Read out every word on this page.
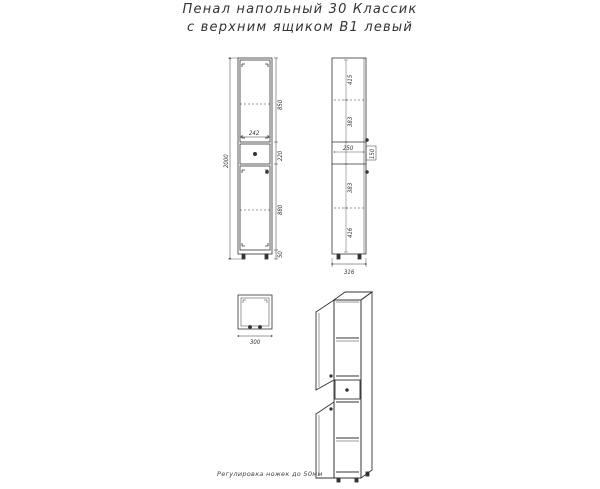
Пенал напольный 30 Классик
с верхним ящиком В1 левый
2000
850
220
880
50
242
415
383
250
150
383
416
316
300
Регулировка ножек до 50мм
